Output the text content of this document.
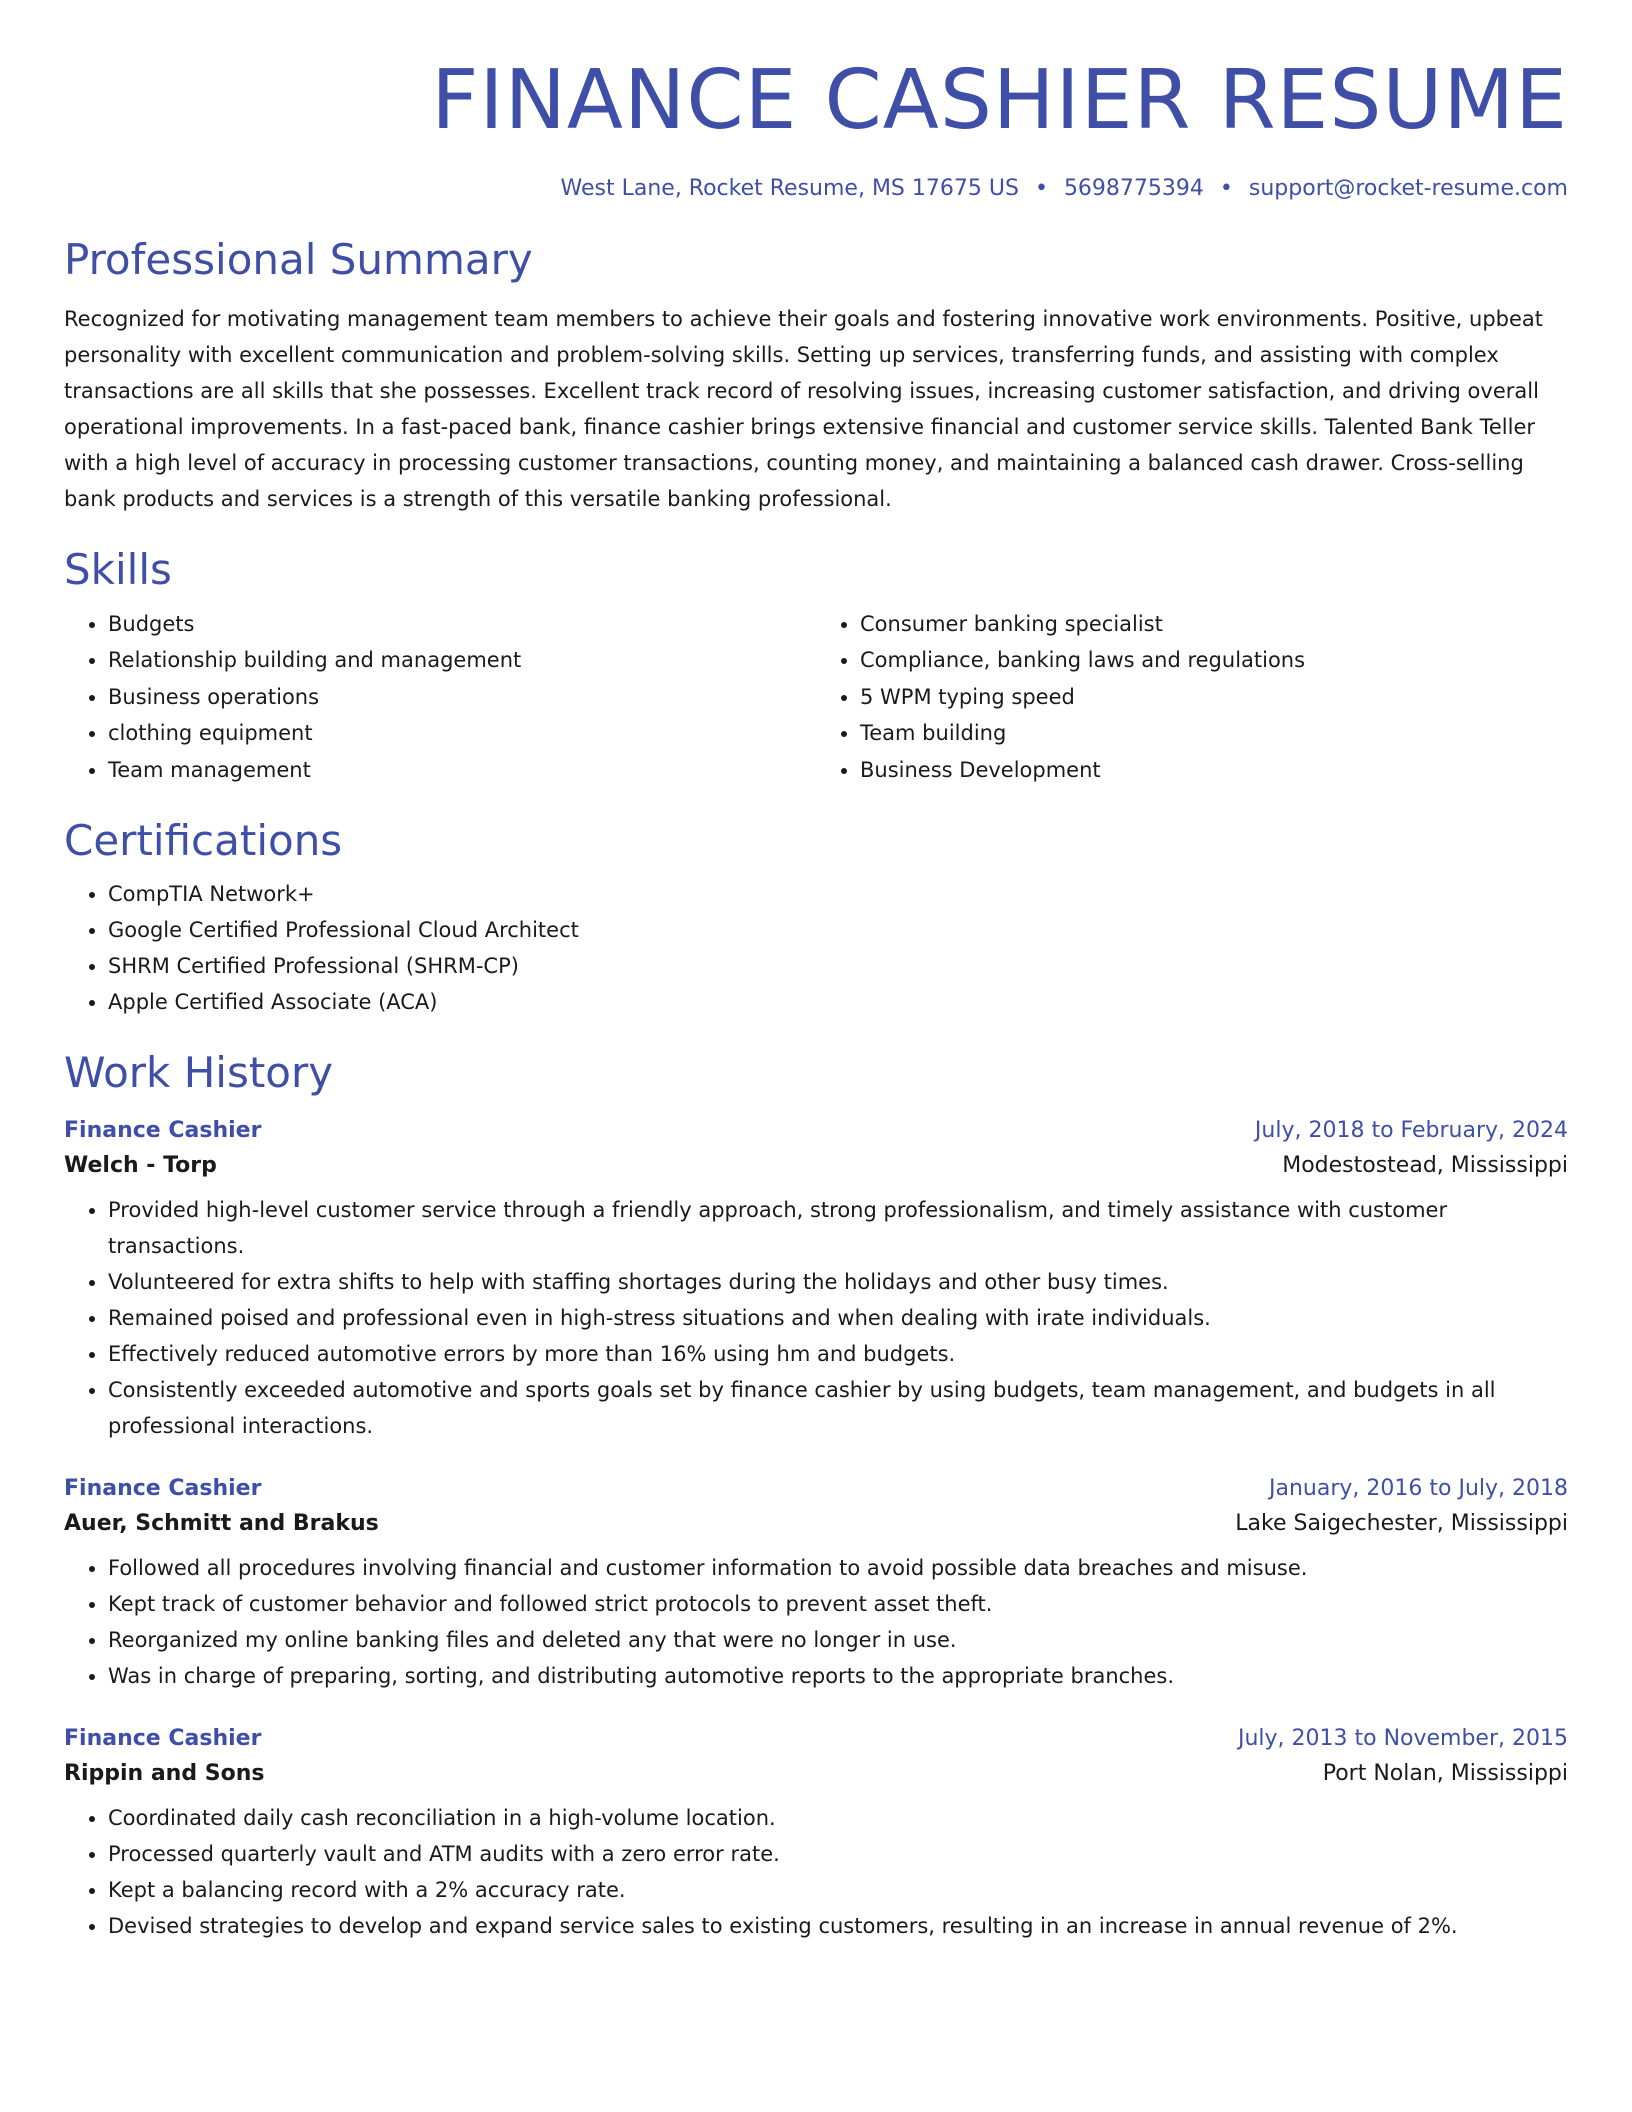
FINANCE CASHIER RESUME
West Lane, Rocket Resume, MS 17675 US • 5698775394 • support@rocket-resume.com
Professional Summary

Recognized for motivating management team members to achieve their goals and fostering innovative work environments. Positive, upbeat personality with excellent communication and problem-solving skills. Setting up services, transferring funds, and assisting with complex transactions are all skills that she possesses. Excellent track record of resolving issues, increasing customer satisfaction, and driving overall operational improvements. In a fast-paced bank, finance cashier brings extensive financial and customer service skills. Talented Bank Teller with a high level of accuracy in processing customer transactions, counting money, and maintaining a balanced cash drawer. Cross-selling bank products and services is a strength of this versatile banking professional.

Skills
• Budgets
• Relationship building and management
• Business operations
• clothing equipment
• Team management
• Consumer banking specialist
• Compliance, banking laws and regulations
• 5 WPM typing speed
• Team building
• Business Development
Certifications
• CompTIA Network+
• Google Certified Professional Cloud Architect
• SHRM Certified Professional (SHRM-CP)
• Apple Certified Associate (ACA)
Work History
Finance Cashier	July, 2018 to February, 2024
Welch - Torp	Modestostead, Mississippi
• Provided high-level customer service through a friendly approach, strong professionalism, and timely assistance with customer transactions.
• Volunteered for extra shifts to help with staffing shortages during the holidays and other busy times.
• Remained poised and professional even in high-stress situations and when dealing with irate individuals.
• Effectively reduced automotive errors by more than 16% using hm and budgets.
• Consistently exceeded automotive and sports goals set by finance cashier by using budgets, team management, and budgets in all professional interactions.
Finance Cashier	January, 2016 to July, 2018
Auer, Schmitt and Brakus	Lake Saigechester, Mississippi
• Followed all procedures involving financial and customer information to avoid possible data breaches and misuse.
• Kept track of customer behavior and followed strict protocols to prevent asset theft.
• Reorganized my online banking files and deleted any that were no longer in use.
• Was in charge of preparing, sorting, and distributing automotive reports to the appropriate branches.
Finance Cashier	July, 2013 to November, 2015
Rippin and Sons	Port Nolan, Mississippi
• Coordinated daily cash reconciliation in a high-volume location.
• Processed quarterly vault and ATM audits with a zero error rate.
• Kept a balancing record with a 2% accuracy rate.
• Devised strategies to develop and expand service sales to existing customers, resulting in an increase in annual revenue of 2%.
